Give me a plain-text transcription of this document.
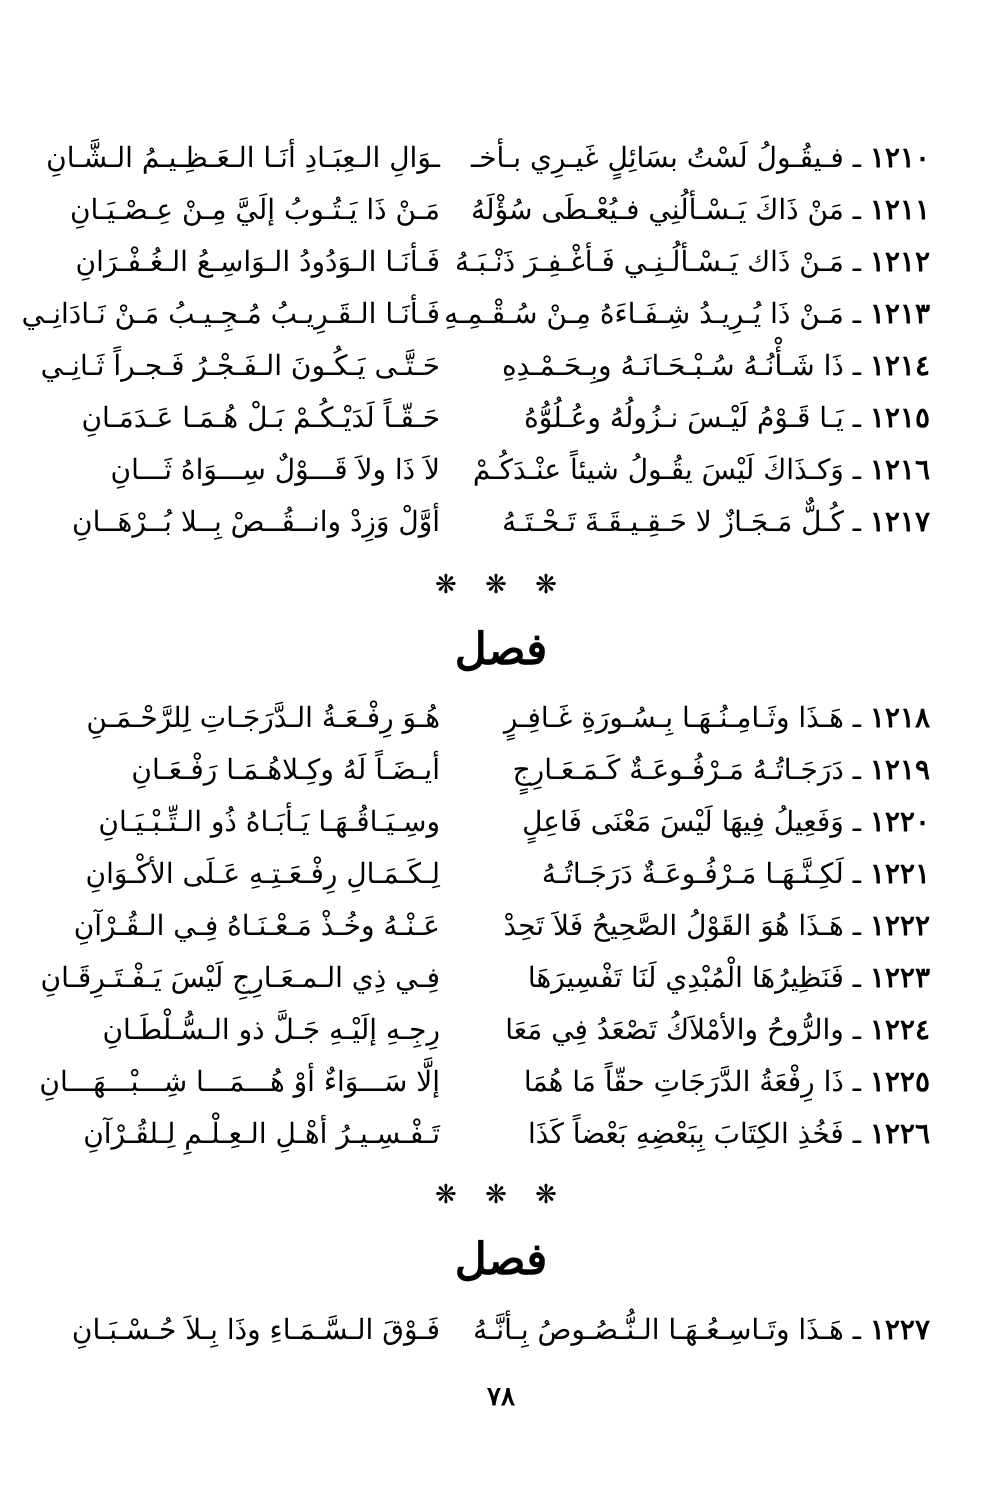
١٢١٠ ـ فـيقُـولُ لَسْتُ بسَائِلٍ غَيـرِي بـأخـ
ـوَالِ الـعِبَـادِ أنَـا الـعَـظِـيـمُ الـشَّـانِ
١٢١١ ـ مَنْ ذَاكَ يَـسْـألُنِي فـيُعْـطَى سُؤْلَهُ
مَـنْ ذَا يَـتُـوبُ إلَيَّ مِـنْ عِـصْـيَـانِ
١٢١٢ ـ مَـنْ ذَاك يَـسْـألُـنِـي فَـأغْـفِـرَ ذَنْـبَـهُ
فَـأنَـا الـوَدُودُ الـوَاسِـعُ الـغُـفْـرَانِ
١٢١٣ ـ مَـنْ ذَا يُـرِيـدُ شِـفَـاءَهُ مِـنْ سُـقْـمِـهِ
فَـأنَـا الـقَـرِيـبُ مُـجِـيـبُ مَـنْ نَـادَانِـي
١٢١٤ ـ ذَا شَـأْنُـهُ سُـبْـحَـانَـهُ وبِـحَـمْـدِهِ
حَـتَّـى يَـكُـونَ الـفَـجْـرُ فَـجـراً ثَـانِـي
١٢١٥ ـ يَـا قَـوْمُ لَيْـسَ نـزُولُهُ وعُـلُوُّهُ
حَـقّـاً لَدَيْـكُـمْ بَـلْ هُـمَـا عَـدَمَـانِ
١٢١٦ ـ وَكـذَاكَ لَيْسَ يقُـولُ شيئاً عنْـدَكُـمْ
لاَ ذَا ولاَ قَـــوْلٌ سِـــوَاهُ ثَـــانِ
١٢١٧ ـ كُـلٌّ مَـجَـازٌ لا حَـقِـيـقَـةَ تَـحْـتَـهُ
أوَّلْ وَزِدْ وانــقُــصْ بِــلا بُــرْهَــانِ
❋ ❋ ❋
فصل
١٢١٨ ـ هَـذَا وثَـامِـنُـهَـا بِـسُـورَةِ غَـافِـرٍ
هُـوَ رِفْـعَـةُ الـدَّرَجَـاتِ لِلرَّحْـمَـنِ
١٢١٩ ـ دَرَجَـاتُـهُ مَـرْفُـوعَـةٌ كَـمَـعَـارِجٍ
أيـضَـاً لَهُ وكِـلاهُـمَـا رَفْـعَـانِ
١٢٢٠ ـ وَفَعِيلُ فِيهَا لَيْسَ مَعْنَى فَاعِلٍ
وسِـيَـاقُـهَـا يَـأبَـاهُ ذُو الـتِّـبْـيَـانِ
١٢٢١ ـ لَكِـنَّـهَـا مَـرْفُـوعَـةٌ دَرَجَـاتُـهُ
لِـكَـمَـالِ رِفْـعَـتِـهِ عَـلَى الأكْـوَانِ
١٢٢٢ ـ هَـذَا هُوَ القَوْلُ الصَّحِيحُ فَلاَ تَحِدْ
عَـنْـهُ وخُـذْ مَـعْـنَـاهُ فِـي الـقُـرْآنِ
١٢٢٣ ـ فَنَظِيرُهَا الْمُبْدِي لَنَا تَفْسِيرَهَا
فِـي ذِي الـمـعَـارِجِ لَيْسَ يَـفْـتَـرِقَـانِ
١٢٢٤ ـ والرُّوحُ والأمْلاَكُ تَصْعَدُ فِي مَعَا
رِجِـهِ إلَيْـهِ جَـلَّ ذو الـسُّـلْطَـانِ
١٢٢٥ ـ ذَا رِفْعَةُ الدَّرَجَاتِ حقّاً مَا هُمَا
إلَّا سَـــوَاءٌ أوْ هُـــمَـــا شِـــبْـــهَـــانِ
١٢٢٦ ـ فَخُذِ الكِتَابَ بِبَعْضِهِ بَعْضاً كَذَا
تَـفْـسِـيـرُ أهْـلِ الـعِـلْـمِ لِـلقُـرْآنِ
❋ ❋ ❋
فصل
١٢٢٧ ـ هَـذَا وتَـاسِـعُـهَـا الـنُّـصُـوصُ بِـأنَّـهُ
فَـوْقَ الـسَّـمَـاءِ وذَا بِـلاَ حُـسْـبَـانِ
٧٨
